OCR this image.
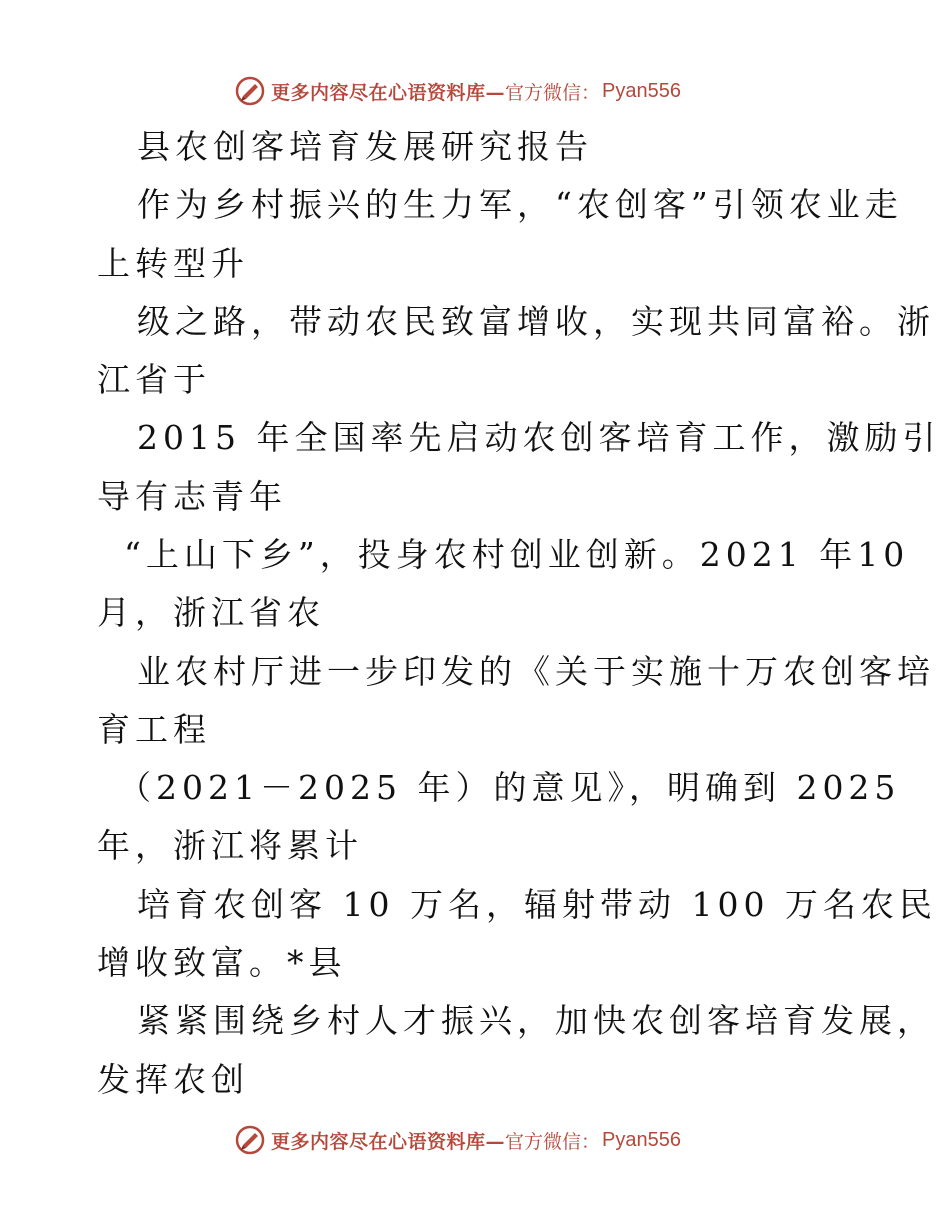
更多内容尽在心语资料库— 官方微信： Pyan556
县农创客培育发展研究报告
作为乡村振兴的生力军，“农创客”引领农业走
上转型升
级之路，带动农民致富增收，实现共同富裕。浙
江省于
2015 年全国率先启动农创客培育工作，激励引
导有志青年
“上山下乡”，投身农村创业创新。2021 年10
月，浙江省农
业农村厅进一步印发的《关于实施十万农创客培
育工程
（2021－2025 年）的意见》，明确到 2025
年，浙江将累计
培育农创客 10 万名，辐射带动 100 万名农民
增收致富。*县
紧紧围绕乡村人才振兴，加快农创客培育发展，
发挥农创
更多内容尽在心语资料库— 官方微信： Pyan556
